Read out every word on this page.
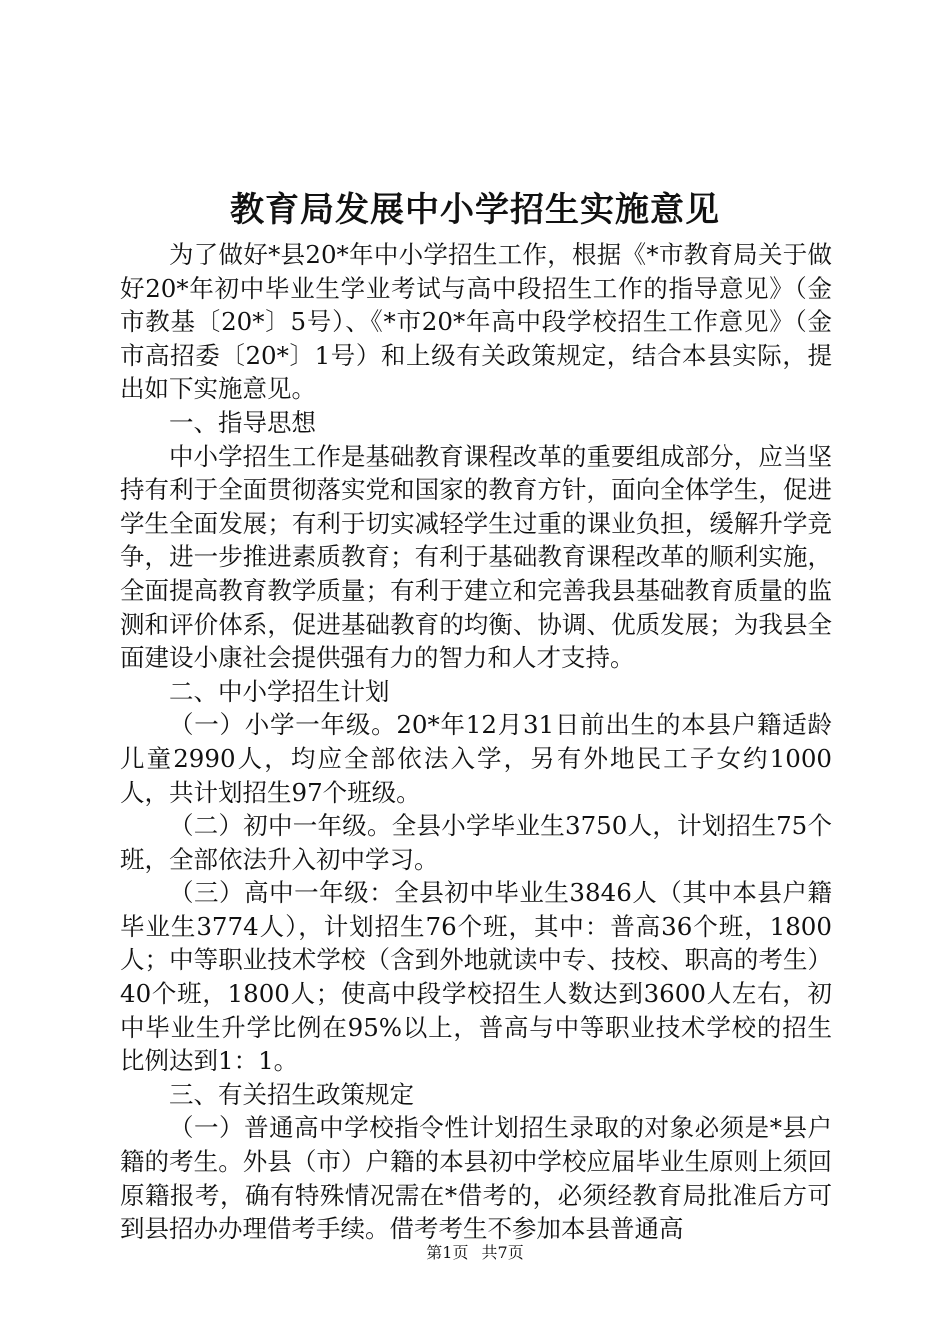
教育局发展中小学招生实施意见

为了做好*县20*年中小学招生工作，根据《*市教育局关于做好20*年初中毕业生学业考试与高中段招生工作的指导意见》（金市教基〔20*〕5号）、《*市20*年高中段学校招生工作意见》（金市高招委〔20*〕1号）和上级有关政策规定，结合本县实际，提出如下实施意见。

一、指导思想

中小学招生工作是基础教育课程改革的重要组成部分，应当坚持有利于全面贯彻落实党和国家的教育方针，面向全体学生，促进学生全面发展；有利于切实减轻学生过重的课业负担，缓解升学竞争，进一步推进素质教育；有利于基础教育课程改革的顺利实施，全面提高教育教学质量；有利于建立和完善我县基础教育质量的监测和评价体系，促进基础教育的均衡、协调、优质发展；为我县全面建设小康社会提供强有力的智力和人才支持。

二、中小学招生计划

（一）小学一年级。20*年12月31日前出生的本县户籍适龄儿童2990人，均应全部依法入学，另有外地民工子女约1000人，共计划招生97个班级。

（二）初中一年级。全县小学毕业生3750人，计划招生75个班，全部依法升入初中学习。

（三）高中一年级：全县初中毕业生3846人（其中本县户籍毕业生3774人），计划招生76个班，其中：普高36个班，1800人；中等职业技术学校（含到外地就读中专、技校、职高的考生）40个班，1800人；使高中段学校招生人数达到3600人左右，初中毕业生升学比例在95%以上，普高与中等职业技术学校的招生比例达到1：1。

三、有关招生政策规定

（一）普通高中学校指令性计划招生录取的对象必须是*县户籍的考生。外县（市）户籍的本县初中学校应届毕业生原则上须回原籍报考，确有特殊情况需在*借考的，必须经教育局批准后方可到县招办办理借考手续。借考考生不参加本县普通高

第1页 共7页
